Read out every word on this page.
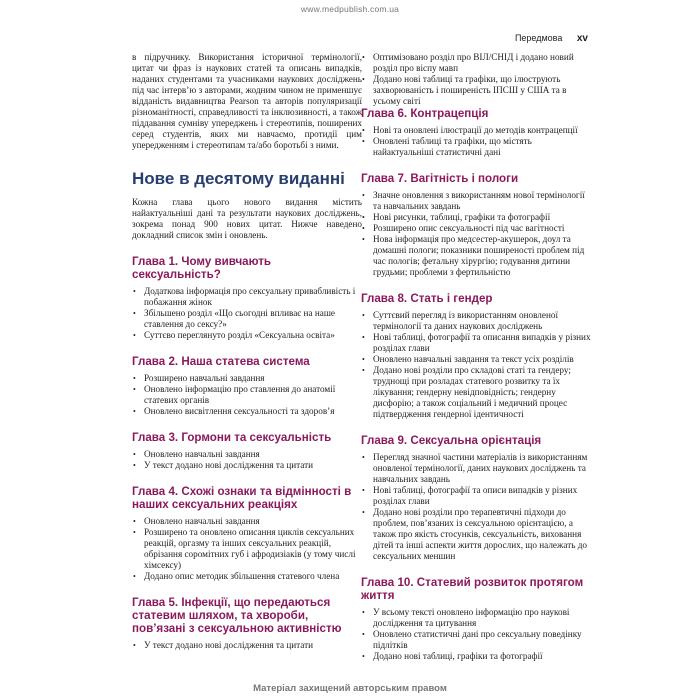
www.medpublish.com.ua
Передмова xv

в підручнику. Використання історичної термінології, цитат чи фраз із наукових статей та описань випадків, наданих студентами та учасниками наукових досліджень під час інтерв’ю з авторами, жодним чином не применшує відданість видавництва Pearson та авторів популяризації різноманітності, справедливості та інклюзивності, а також піддавання сумніву упереджень і стереотипів, поширених серед студентів, яких ми навчаємо, протидії цим упередженням і стереотипам та/або боротьбі з ними.

Нове в десятому виданні

Кожна глава цього нового видання містить найактуальніші дані та результати наукових досліджень, зокрема понад 900 нових цитат. Нижче наведено докладний список змін і оновлень.

Глава 1. Чому вивчають сексуальність?
• Додаткова інформація про сексуальну привабливість і побажання жінок
• Збільшено розділ «Що сьогодні впливає на наше ставлення до сексу?»
• Суттєво переглянуто розділ «Сексуальна освіта»
Глава 2. Наша статева система
• Розширено навчальні завдання
• Оновлено інформацію про ставлення до анатомії статевих органів
• Оновлено висвітлення сексуальності та здоров’я
Глава 3. Гормони та сексуальність
• Оновлено навчальні завдання
• У текст додано нові дослідження та цитати
Глава 4. Схожі ознаки та відмінності в наших сексуальних реакціях
• Оновлено навчальні завдання
• Розширено та оновлено описання циклів сексуальних реакцій, оргазму та інших сексуальних реакцій, обрізання соромітних губ і афродизіаків (у тому числі хімсексу)
• Додано опис методик збільшення статевого члена
Глава 5. Інфекції, що передаються статевим шляхом, та хвороби, пов’язані з сексуальною активністю
• У текст додано нові дослідження та цитати
• Оптимізовано розділ про ВІЛ/СНІД і додано новий розділ про віспу мавп
• Додано нові таблиці та графіки, що ілюструють захворюваність і поширеність ІПСШ у США та в усьому світі
Глава 6. Контрацепція
• Нові та оновлені ілюстрації до методів контрацепції
• Оновлені таблиці та графіки, що містять найактуальніші статистичні дані
Глава 7. Вагітність і пологи
• Значне оновлення з використанням нової термінології та навчальних завдань
• Нові рисунки, таблиці, графіки та фотографії
• Розширено опис сексуальності під час вагітності
• Нова інформація про медсестер-акушерок, доул та домашні пологи; показники поширеності проблем під час пологів; фетальну хірургію; годування дитини грудьми; проблеми з фертильністю
Глава 8. Стать і гендер
• Суттєвий перегляд із використанням оновленої термінології та даних наукових досліджень
• Нові таблиці, фотографії та описання випадків у різних розділах глави
• Оновлено навчальні завдання та текст усіх розділів
• Додано нові розділи про складові статі та гендеру; труднощі при розладах статевого розвитку та їх лікування; гендерну невідповідність; гендерну дисфорію; а також соціальний і медичний процес підтвердження гендерної ідентичності
Глава 9. Сексуальна орієнтація
• Перегляд значної частини матеріалів із використанням оновленої термінології, даних наукових досліджень та навчальних завдань
• Нові таблиці, фотографії та описи випадків у різних розділах глави
• Додано нові розділи про терапевтичні підходи до проблем, пов’язаних із сексуальною орієнтацією, а також про якість стосунків, сексуальність, виховання дітей та інші аспекти життя дорослих, що належать до сексуальних меншин
Глава 10. Статевий розвиток протягом життя
• У всьому тексті оновлено інформацію про наукові дослідження та цитування
• Оновлено статистичні дані про сексуальну поведінку підлітків
• Додано нові таблиці, графіки та фотографії
Матеріал захищений авторським правом
